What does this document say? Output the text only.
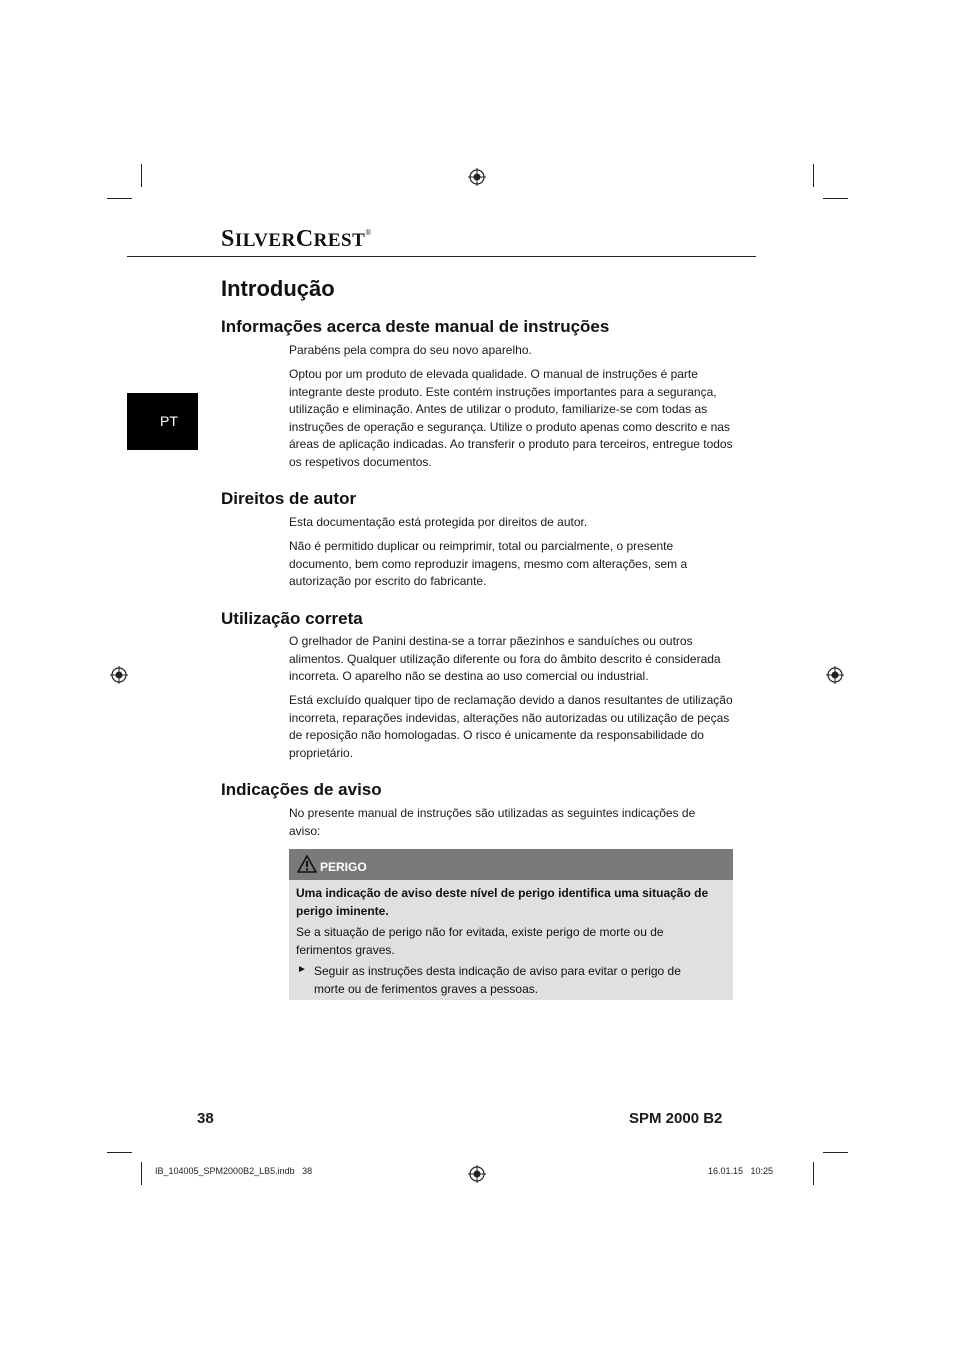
SILVERCREST®
PT
Introdução
Informações acerca deste manual de instruções

Parabéns pela compra do seu novo aparelho.

Optou por um produto de elevada qualidade. O manual de instruções é parte integrante deste produto. Este contém instruções importantes para a segurança, utilização e eliminação. Antes de utilizar o produto, familiarize-se com todas as instruções de operação e segurança. Utilize o produto apenas como descrito e nas áreas de aplicação indicadas. Ao transferir o produto para terceiros, entregue todos os respetivos documentos.

Direitos de autor

Esta documentação está protegida por direitos de autor.

Não é permitido duplicar ou reimprimir, total ou parcialmente, o presente documento, bem como reproduzir imagens, mesmo com alterações, sem a autorização por escrito do fabricante.

Utilização correta

O grelhador de Panini destina-se a torrar pãezinhos e sanduíches ou outros alimentos. Qualquer utilização diferente ou fora do âmbito descrito é considerada incorreta. O aparelho não se destina ao uso comercial ou industrial.

Está excluído qualquer tipo de reclamação devido a danos resultantes de utilização incorreta, reparações indevidas, alterações não autorizadas ou utilização de peças de reposição não homologadas. O risco é unicamente da responsabilidade do proprietário.

Indicações de aviso

No presente manual de instruções são utilizadas as seguintes indicações de aviso:

PERIGO

Uma indicação de aviso deste nível de perigo identifica uma situação de perigo iminente.

Se a situação de perigo não for evitada, existe perigo de morte ou de ferimentos graves.

► Seguir as instruções desta indicação de aviso para evitar o perigo de morte ou de ferimentos graves a pessoas.

38	SPM 2000 B2
IB_104005_SPM2000B2_LB5.indb   38	16.01.15   10:25
